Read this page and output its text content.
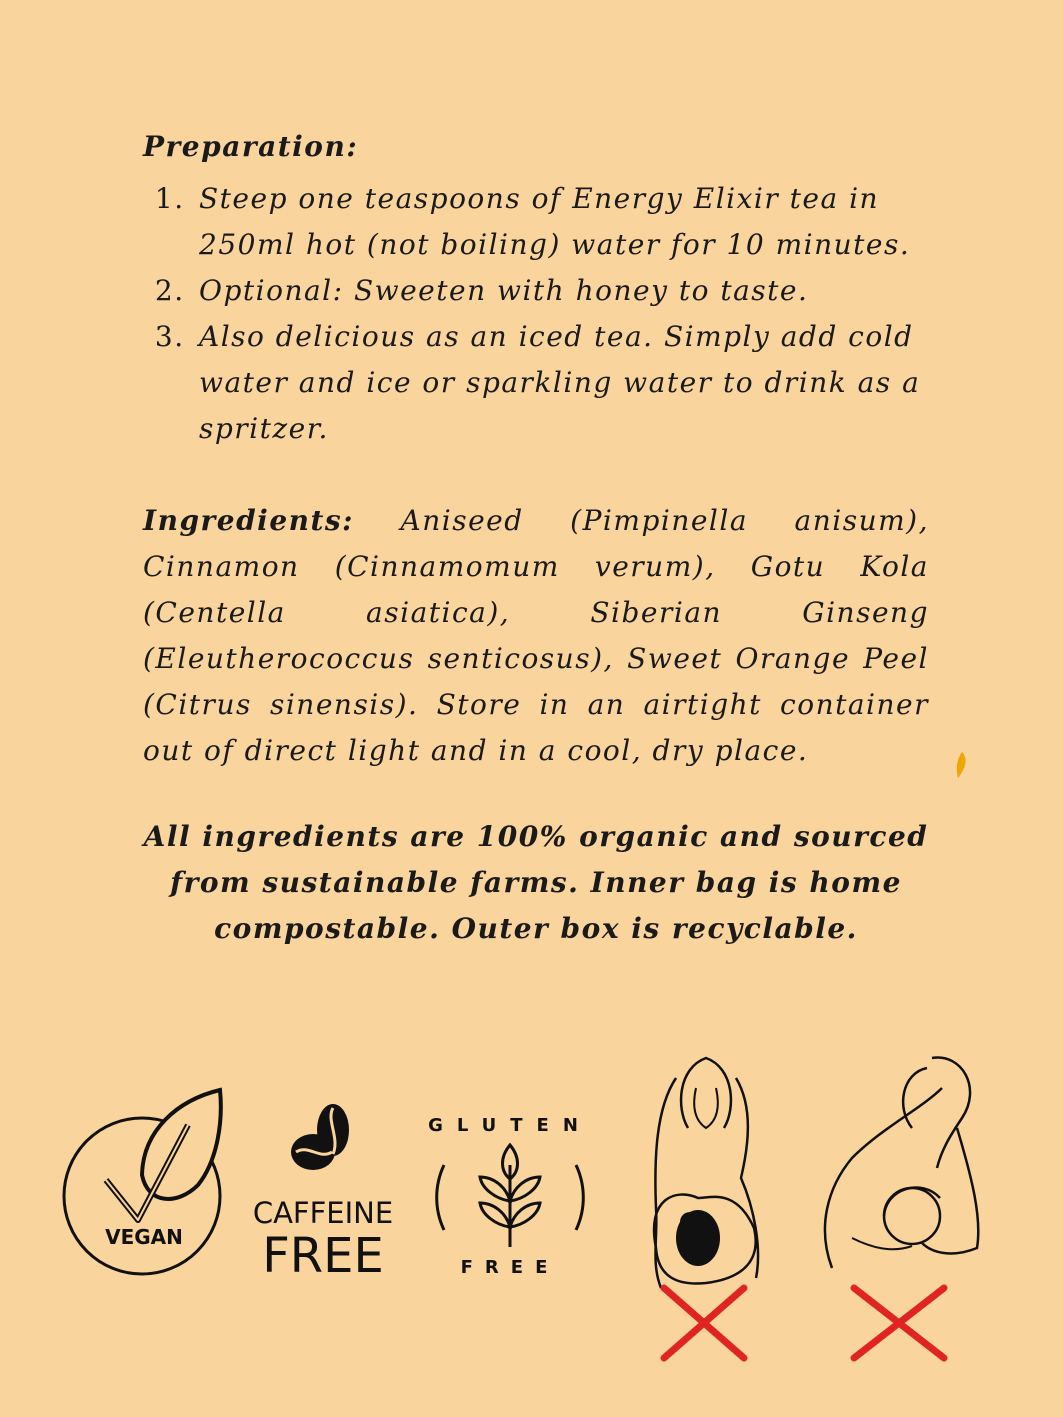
Preparation:
1. Steep one teaspoons of Energy Elixir tea in 250ml hot (not boiling) water for 10 minutes.
2. Optional: Sweeten with honey to taste.
3. Also delicious as an iced tea. Simply add cold water and ice or sparkling water to drink as a spritzer.
Ingredients: Aniseed (Pimpinella anisum), Cinnamon (Cinnamomum verum), Gotu Kola (Centella asiatica), Siberian Ginseng (Eleutherococcus senticosus), Sweet Orange Peel (Citrus sinensis). Store in an airtight container out of direct light and in a cool, dry place.
All ingredients are 100% organic and sourced from sustainable farms. Inner bag is home compostable. Outer box is recyclable.
VEGAN
CAFFEINE
FREE
GLUTEN
FREE
